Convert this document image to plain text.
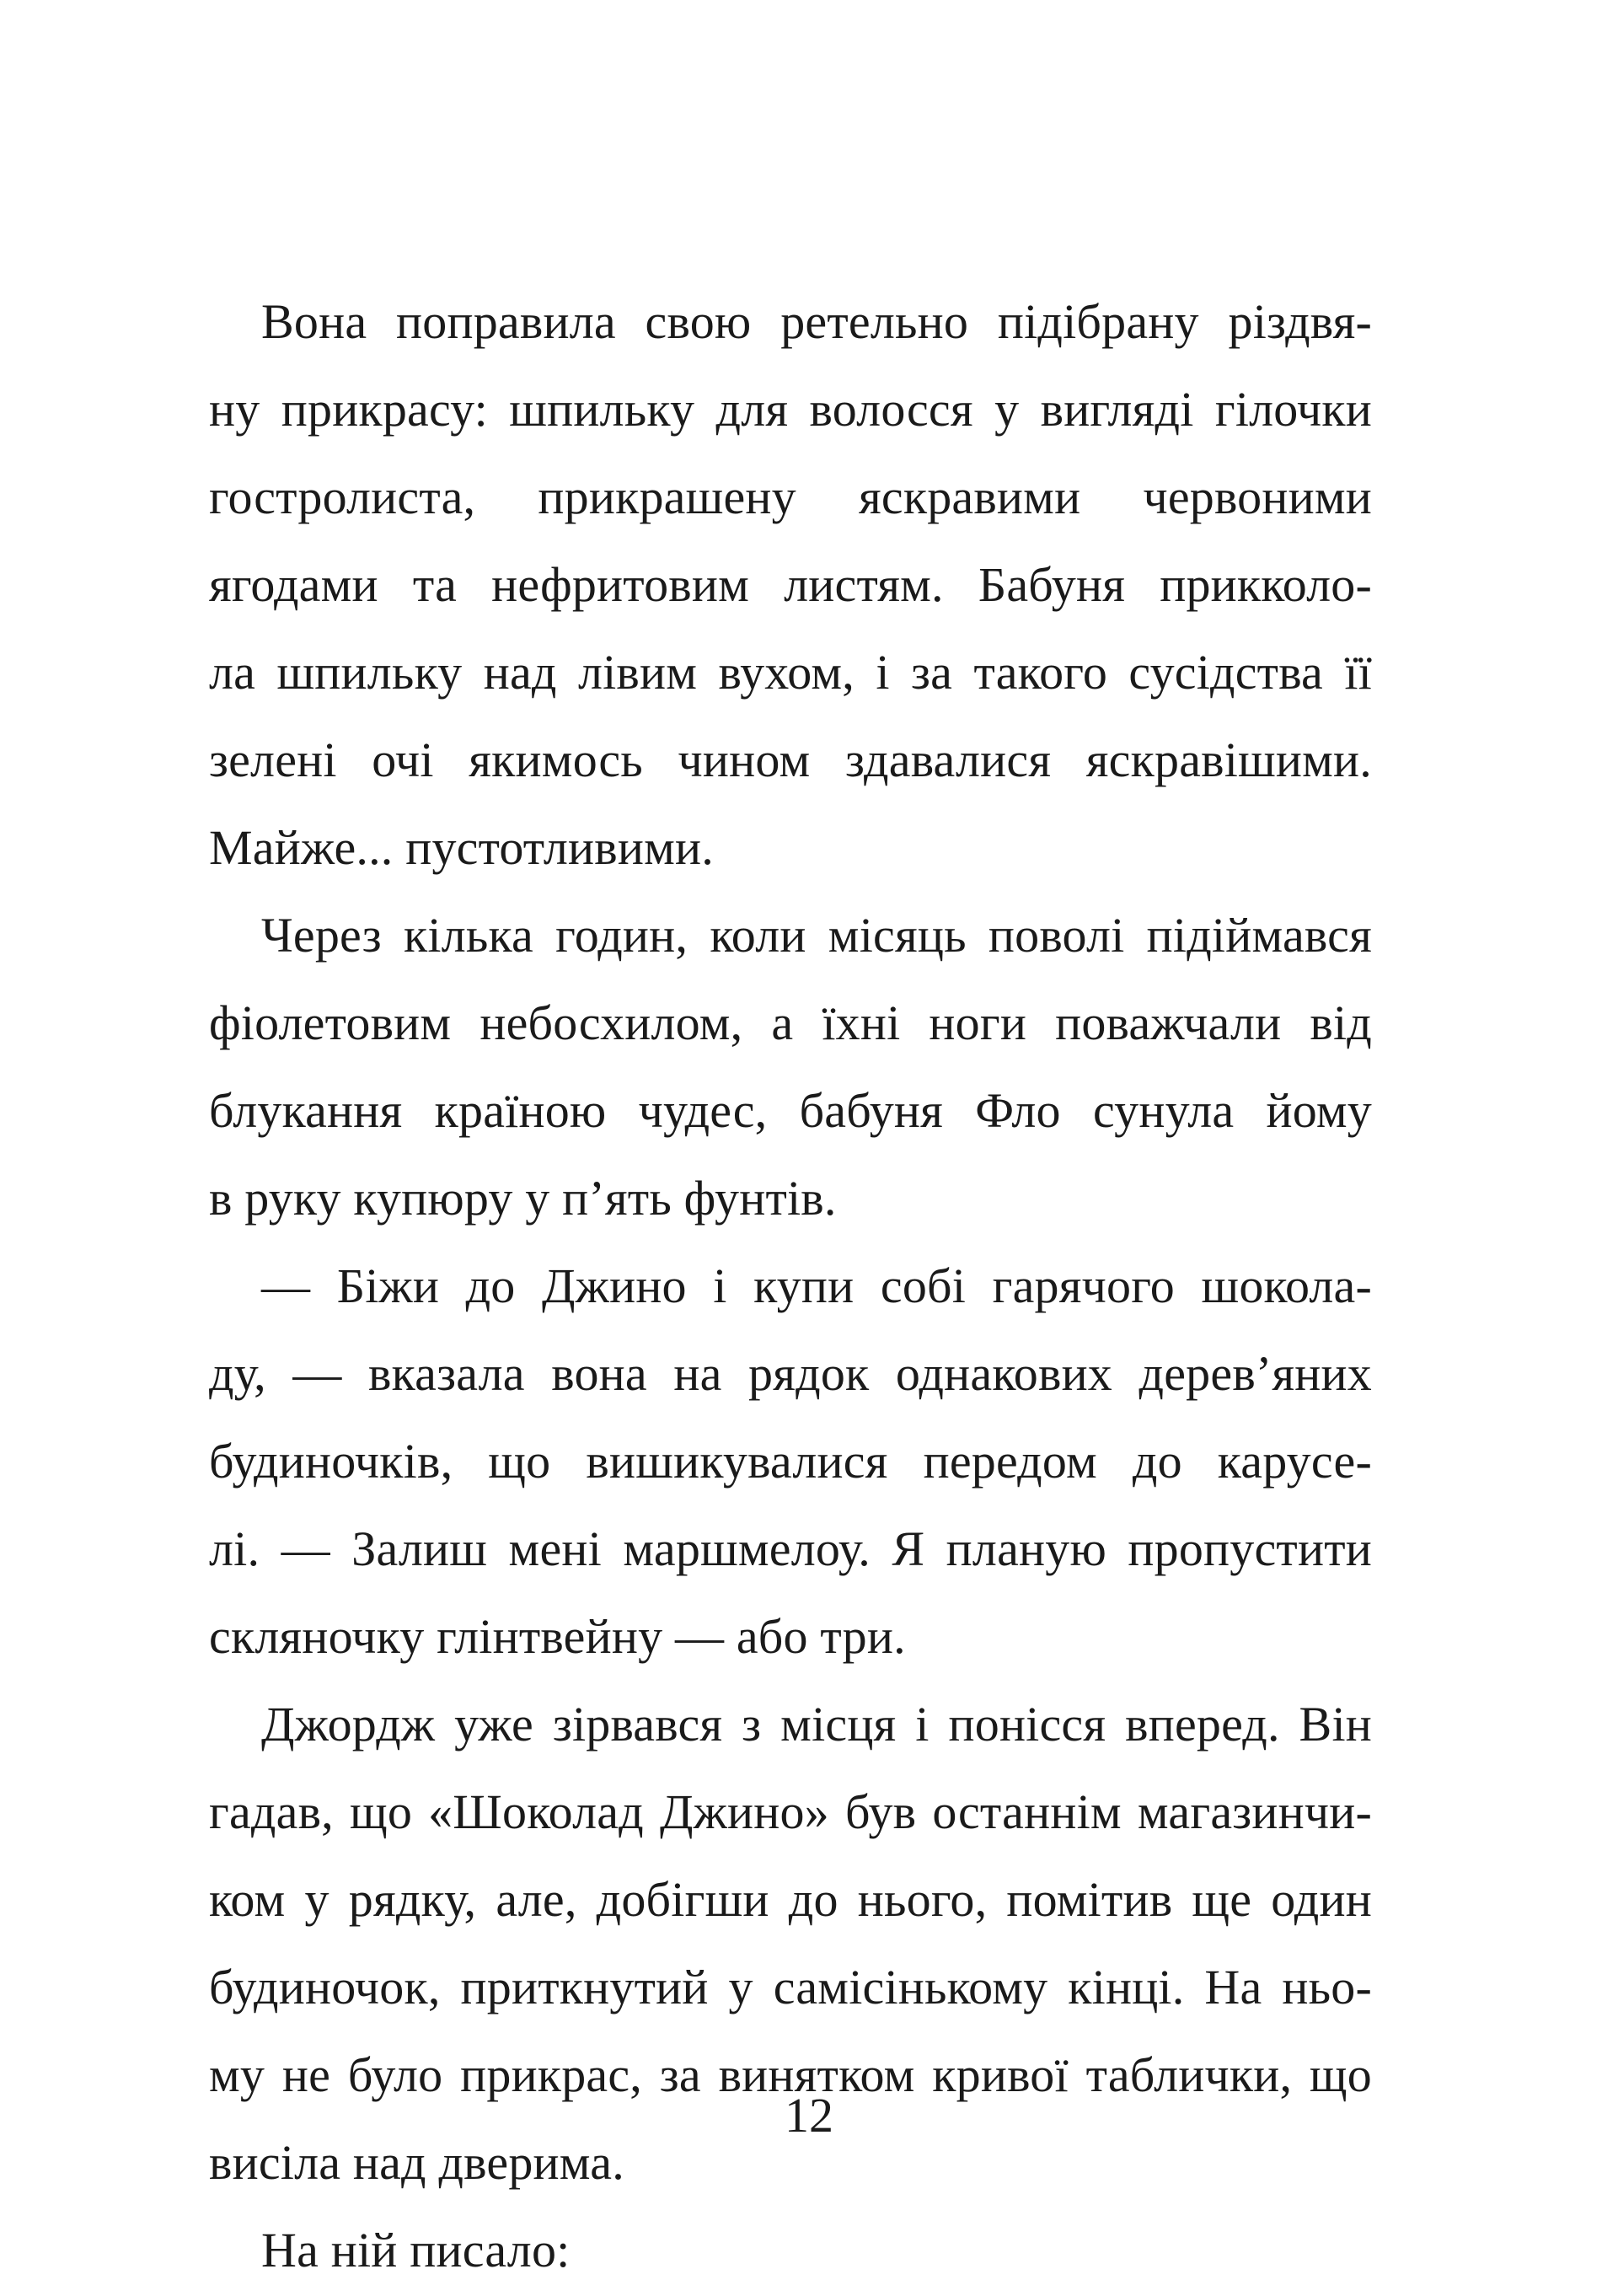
Вона поправила свою ретельно підібрану різдвя-
ну прикрасу: шпильку для волосся у вигляді гілочки
гостролиста, прикрашену яскравими червоними
ягодами та нефритовим листям. Бабуня прикколо-
ла шпильку над лівим вухом, і за такого сусідства її
зелені очі якимось чином здавалися яскравішими.
Майже... пустотливими.
Через кілька годин, коли місяць поволі підіймався
фіолетовим небосхилом, а їхні ноги поважчали від
блукання країною чудес, бабуня Фло сунула йому
в руку купюру у п’ять фунтів.
— Біжи до Джино і купи собі гарячого шокола-
ду, — вказала вона на рядок однакових дерев’яних
будиночків, що вишикувалися передом до карусе-
лі. — Залиш мені маршмелоу. Я планую пропустити
скляночку глінтвейну — або три.
Джордж уже зірвався з місця і понісся вперед. Він
гадав, що «Шоколад Джино» був останнім магазинчи-
ком у рядку, але, добігши до нього, помітив ще один
будиночок, приткнутий у самісінькому кінці. На ньо-
му не було прикрас, за винятком кривої таблички, що
висіла над дверима.
На ній писало:
12
